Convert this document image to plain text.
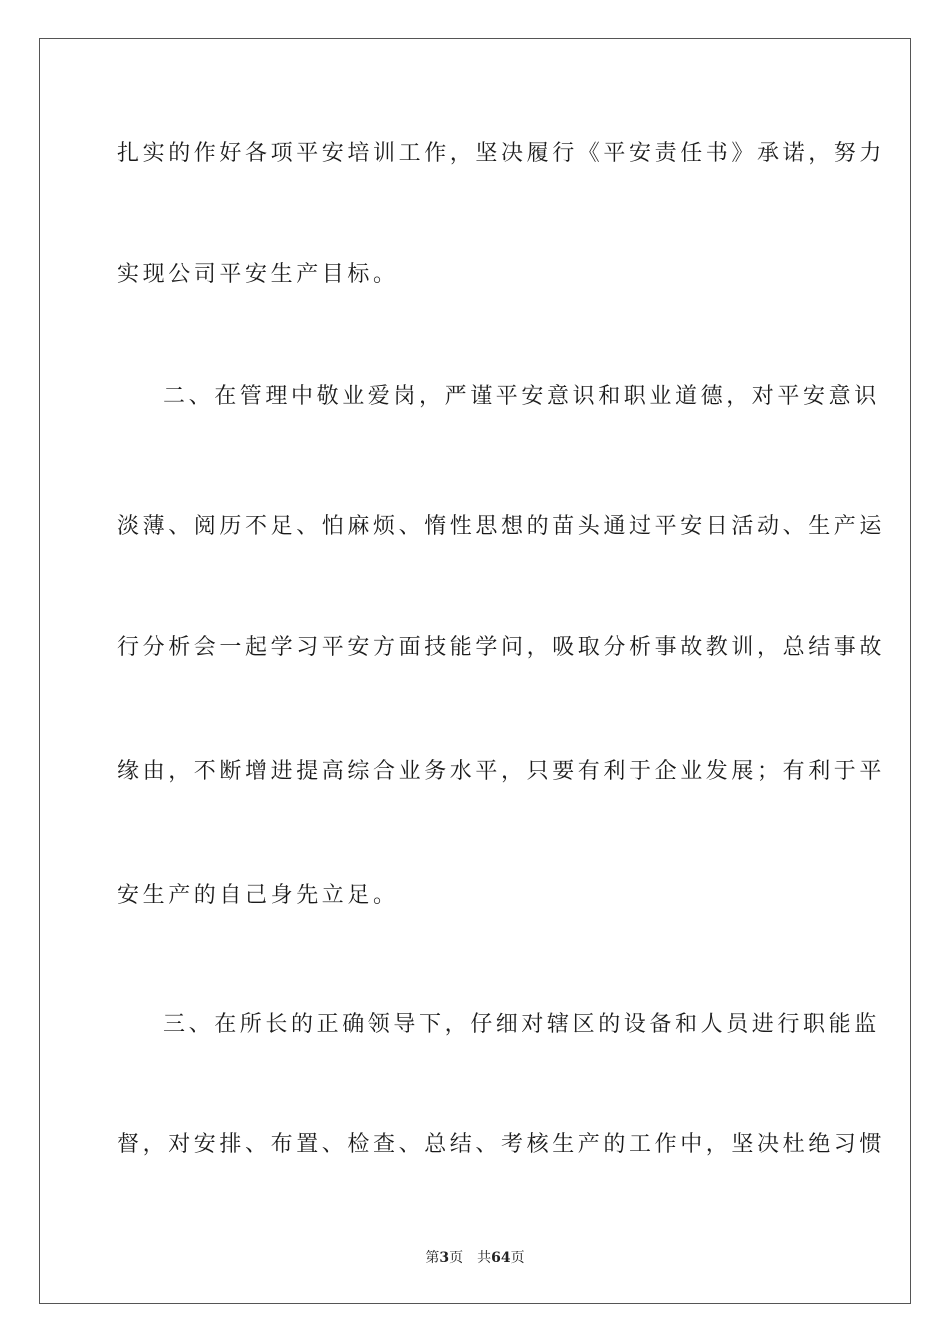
扎实的作好各项平安培训工作，坚决履行《平安责任书》承诺，努力
实现公司平安生产目标。
二、在管理中敬业爱岗，严谨平安意识和职业道德，对平安意识
淡薄、阅历不足、怕麻烦、惰性思想的苗头通过平安日活动、生产运
行分析会一起学习平安方面技能学问，吸取分析事故教训，总结事故
缘由，不断增进提高综合业务水平，只要有利于企业发展；有利于平
安生产的自己身先立足。
三、在所长的正确领导下，仔细对辖区的设备和人员进行职能监
督，对安排、布置、检查、总结、考核生产的工作中，坚决杜绝习惯
第3页 共64页
